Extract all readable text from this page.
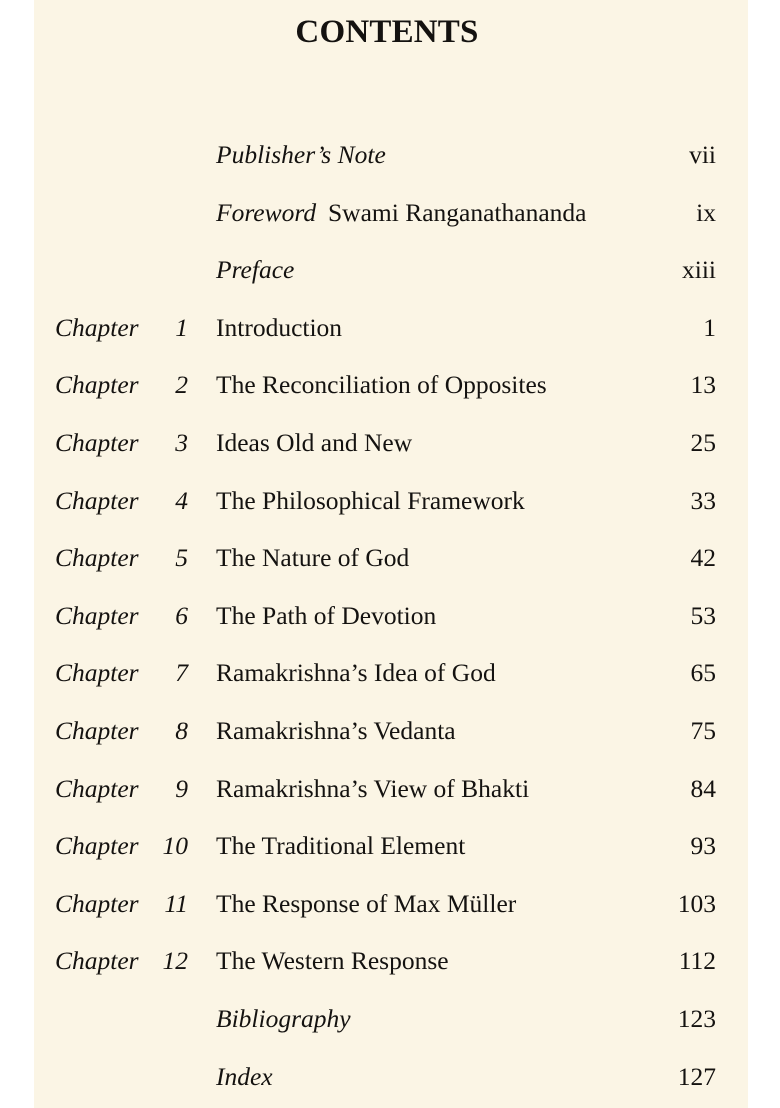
CONTENTS
Publisher’s Note	vii
Foreword Swami Ranganathananda	ix
Preface	xiii
Chapter	1 Introduction	1
Chapter	2 The Reconciliation of Opposites	13
Chapter	3 Ideas Old and New	25
Chapter	4 The Philosophical Framework	33
Chapter	5 The Nature of God	42
Chapter	6 The Path of Devotion	53
Chapter	7 Ramakrishna’s Idea of God	65
Chapter	8 Ramakrishna’s Vedanta	75
Chapter	9 Ramakrishna’s View of Bhakti	84
Chapter 10 The Traditional Element	93
Chapter	11 The Response of Max Müller	103
Chapter 12 The Western Response	112
Bibliography	123
Index	127
